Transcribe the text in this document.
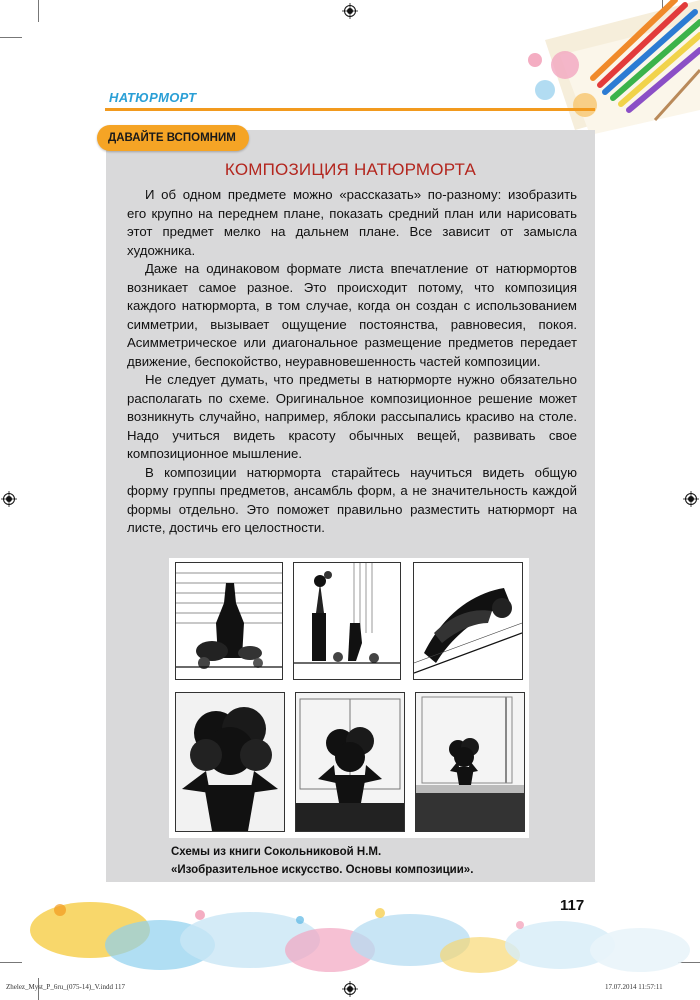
НАТЮРМОРТ
ДАВАЙТЕ ВСПОМНИМ
КОМПОЗИЦИЯ НАТЮРМОРТА

И об одном предмете можно «рассказать» по-разному: изобразить его крупно на переднем плане, показать средний план или нарисовать этот предмет мелко на дальнем плане. Все зависит от замысла художника.

Даже на одинаковом формате листа впечатление от натюрмортов возникает самое разное. Это происходит потому, что композиция каждого натюрморта, в том случае, когда он создан с использованием симметрии, вызывает ощущение постоянства, равновесия, покоя. Асимметрическое или диагональное размещение предметов передает движение, беспокойство, неуравновешенность частей композиции.

Не следует думать, что предметы в натюрморте нужно обязательно располагать по схеме. Оригинальное композиционное решение может возникнуть случайно, например, яблоки рассыпались красиво на столе. Надо учиться видеть красоту обычных вещей, развивать свое композиционное мышление.

В композиции натюрморта старайтесь научиться видеть общую форму группы предметов, ансамбль форм, а не значительность каждой формы отдельно. Это поможет правильно разместить натюрморт на листе, достичь его целостности.

Схемы из книги Сокольниковой Н.М.
«Изобразительное искусство. Основы композиции».
117
Zhelez_Myst_P_6ru_(075-14)_V.indd 117	17.07.2014 11:57:11
